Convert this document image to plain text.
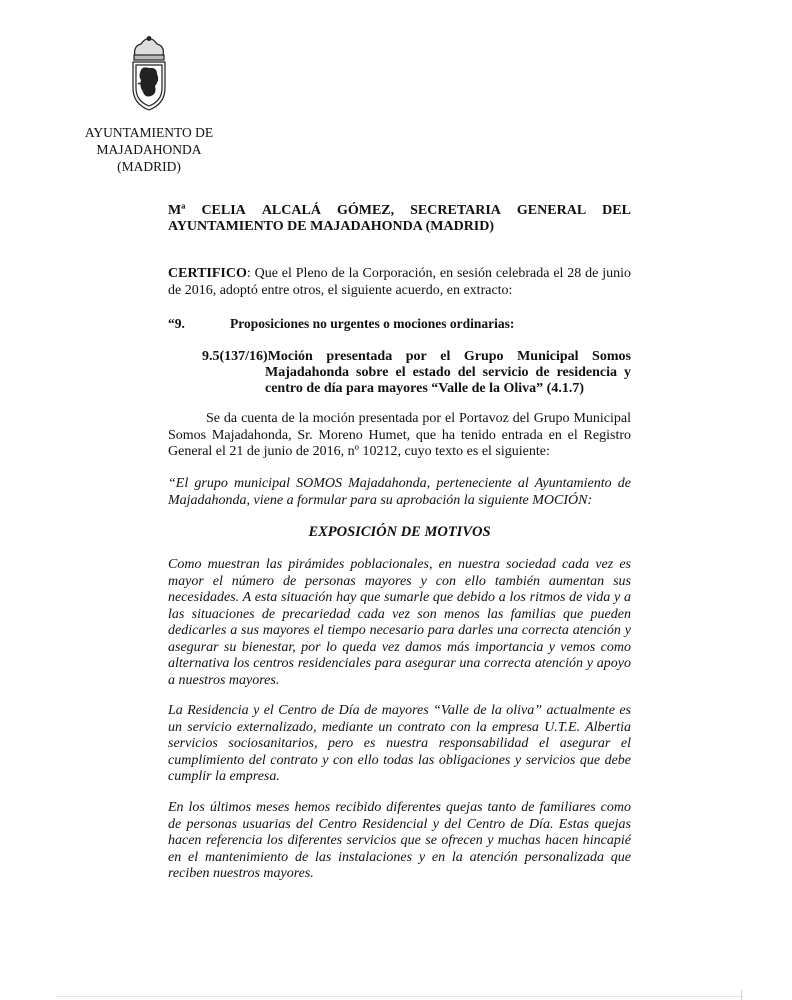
AYUNTAMIENTO DE
MAJADAHONDA
(MADRID)
Mª CELIA ALCALÁ GÓMEZ, SECRETARIA GENERAL DEL
AYUNTAMIENTO DE MAJADAHONDA (MADRID)
CERTIFICO: Que el Pleno de la Corporación, en sesión celebrada el 28 de junio de 2016, adoptó entre otros, el siguiente acuerdo, en extracto:
“9.	Proposiciones no urgentes o mociones ordinarias:
9.5(137/16) Moción presentada por el Grupo Municipal Somos
Majadahonda sobre el estado del servicio de residencia y centro de día para mayores “Valle de la Oliva” (4.1.7)
Se da cuenta de la moción presentada por el Portavoz del Grupo Municipal Somos Majadahonda, Sr. Moreno Humet, que ha tenido entrada en el Registro General el 21 de junio de 2016, nº 10212, cuyo texto es el siguiente:
“El grupo municipal SOMOS Majadahonda, perteneciente al Ayuntamiento de Majadahonda, viene a formular para su aprobación la siguiente MOCIÓN:
EXPOSICIÓN DE MOTIVOS
Como muestran las pirámides poblacionales, en nuestra sociedad cada vez es mayor el número de personas mayores y con ello también aumentan sus necesidades. A esta situación hay que sumarle que debido a los ritmos de vida y a las situaciones de precariedad cada vez son menos las familias que pueden dedicarles a sus mayores el tiempo necesario para darles una correcta atención y asegurar su bienestar, por lo queda vez damos más importancia y vemos como alternativa los centros residenciales para asegurar una correcta atención y apoyo a nuestros mayores.
La Residencia y el Centro de Día de mayores “Valle de la oliva” actualmente es un servicio externalizado, mediante un contrato con la empresa U.T.E. Albertia servicios sociosanitarios, pero es nuestra responsabilidad el asegurar el cumplimiento del contrato y con ello todas las obligaciones y servicios que debe cumplir la empresa.
En los últimos meses hemos recibido diferentes quejas tanto de familiares como de personas usuarias del Centro Residencial y del Centro de Día. Estas quejas hacen referencia los diferentes servicios que se ofrecen y muchas hacen hincapié en el mantenimiento de las instalaciones y en la atención personalizada que reciben nuestros mayores.
